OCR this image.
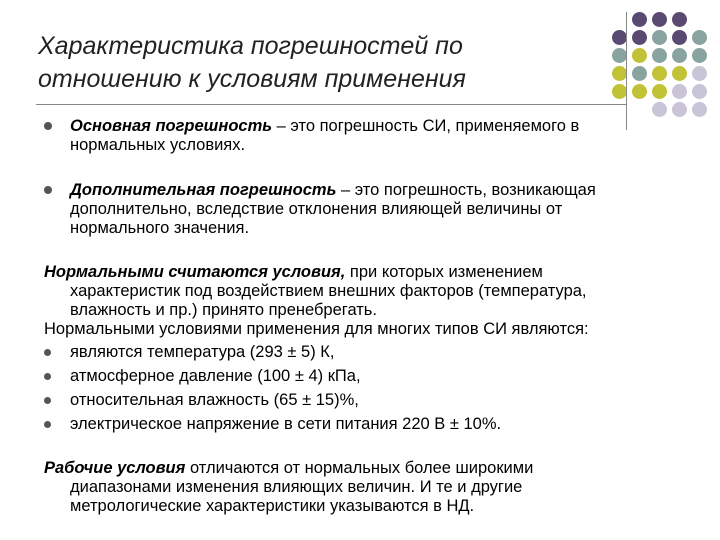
Характеристика погрешностей по
отношению к условиям применения
Основная погрешность – это погрешность СИ, применяемого в
нормальных условиях.
Дополнительная погрешность – это погрешность, возникающая
дополнительно, вследствие отклонения влияющей величины от
нормального значения.
Нормальными считаются условия, при которых изменением
характеристик под воздействием внешних факторов (температура,
влажность и пр.) принято пренебрегать.
Нормальными условиями применения для многих типов СИ являются:
являются температура (293 ± 5) К,
атмосферное давление (100 ± 4) кПа,
относительная влажность (65 ± 15)%,
электрическое напряжение в сети питания 220 В ± 10%.
Рабочие условия отличаются от нормальных более широкими
диапазонами изменения влияющих величин. И те и другие
метрологические характеристики указываются в НД.
